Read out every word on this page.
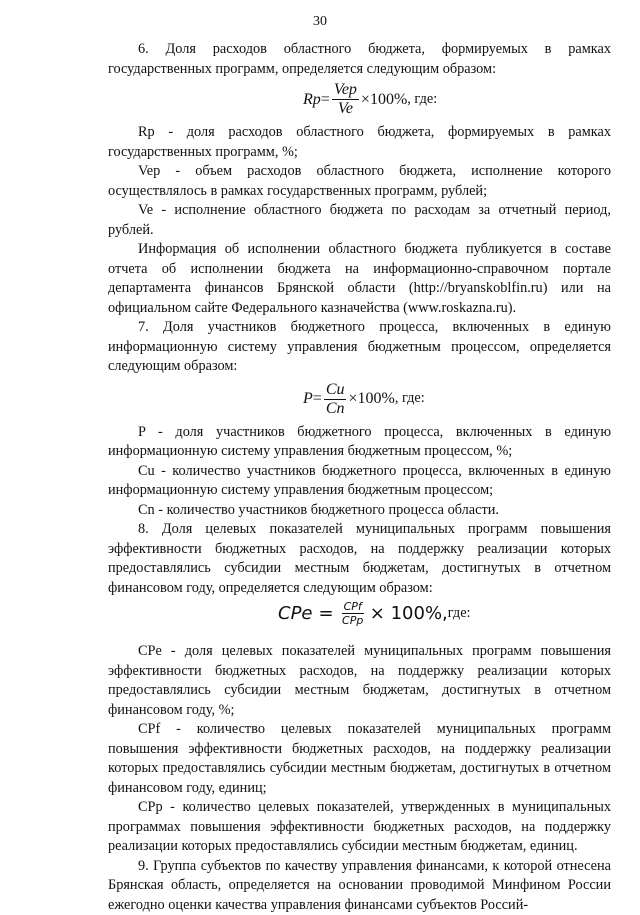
30

6. Доля расходов областного бюджета, формируемых в рамках государственных программ, определяется следующим образом:

$Rp = \frac{\text{Vep}}{Ve} \times 100\%$ , где:

Rp - доля расходов областного бюджета, формируемых в рамках государственных программ, %;

Vep - объем расходов областного бюджета, исполнение которого осуществлялось в рамках государственных программ, рублей;

Ve - исполнение областного бюджета по расходам за отчетный период, рублей.

Информация об исполнении областного бюджета публикуется в составе отчета об исполнении бюджета на информационно-справочном портале департамента финансов Брянской области (http://bryanskoblfin.ru) или на официальном сайте Федерального казначейства (www.roskazna.ru).

7. Доля участников бюджетного процесса, включенных в единую информационную систему управления бюджетным процессом, определяется следующим образом:

$P = \frac{Cu}{Cn} \times 100\%$ , где:

P - доля участников бюджетного процесса, включенных в единую информационную систему управления бюджетным процессом, %;

Cu - количество участников бюджетного процесса, включенных в единую информационную систему управления бюджетным процессом;

Cn - количество участников бюджетного процесса области.

8. Доля целевых показателей муниципальных программ повышения эффективности бюджетных расходов, на поддержку реализации которых предоставлялись субсидии местным бюджетам, достигнутых в отчетном финансовом году, определяется следующим образом:

CPe = $\frac{\text{CPf}}{\text{CPp}} \times 100\%$, где:

CPe - доля целевых показателей муниципальных программ повышения эффективности бюджетных расходов, на поддержку реализации которых предоставлялись субсидии местным бюджетам, достигнутых в отчетном финансовом году, %;

CPf - количество целевых показателей муниципальных программ повышения эффективности бюджетных расходов, на поддержку реализации которых предоставлялись субсидии местным бюджетам, достигнутых в отчетном финансовом году, единиц;

CPp - количество целевых показателей, утвержденных в муниципальных программах повышения эффективности бюджетных расходов, на поддержку реализации которых предоставлялись субсидии местным бюджетам, единиц.

9. Группа субъектов по качеству управления финансами, к которой отнесена Брянская область, определяется на основании проводимой Минфином России ежегодно оценки качества управления финансами субъектов Россий-
